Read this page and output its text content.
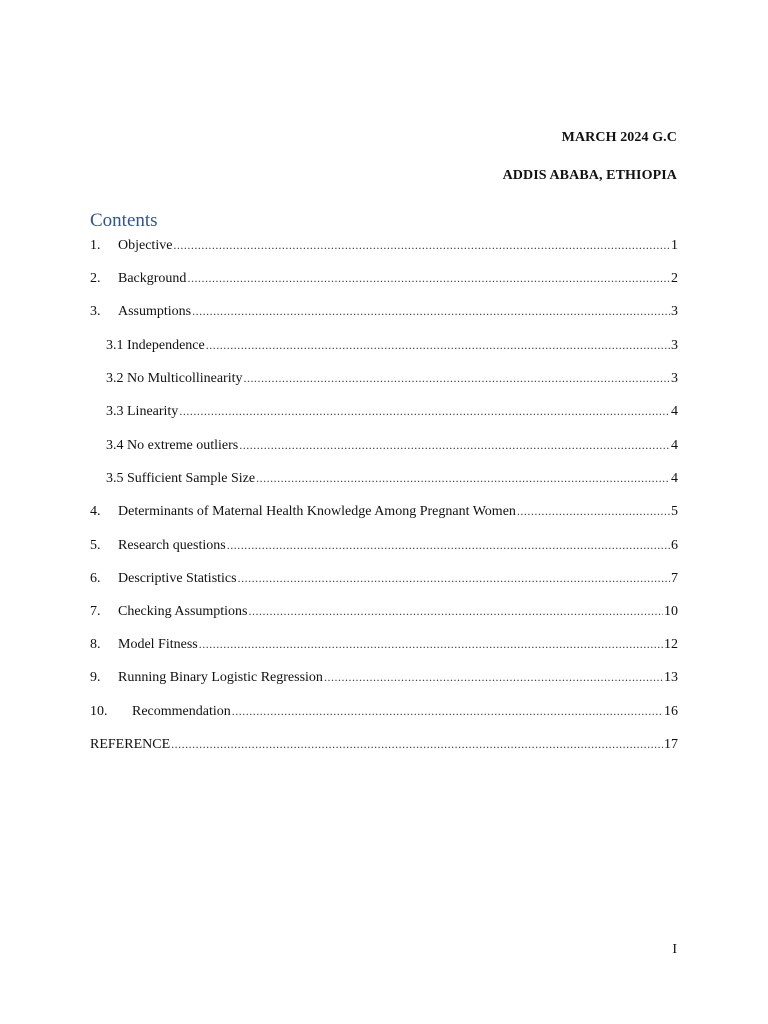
MARCH 2024 G.C
ADDIS ABABA, ETHIOPIA
Contents
1.	Objective .....	1
2.	Background .....	2
3.	Assumptions .....	3
3.1 Independence .....	3
3.2 No Multicollinearity .....	3
3.3 Linearity .....	4
3.4 No extreme outliers .....	4
3.5 Sufficient Sample Size .....	4
4.	Determinants of Maternal Health Knowledge Among Pregnant Women .....	5
5.	Research questions .....	6
6.	Descriptive Statistics .....	7
7.	Checking Assumptions .....	10
8.	Model Fitness .....	12
9.	Running Binary Logistic Regression .....	13
10.	Recommendation .....	16
REFERENCE .....	17
I
